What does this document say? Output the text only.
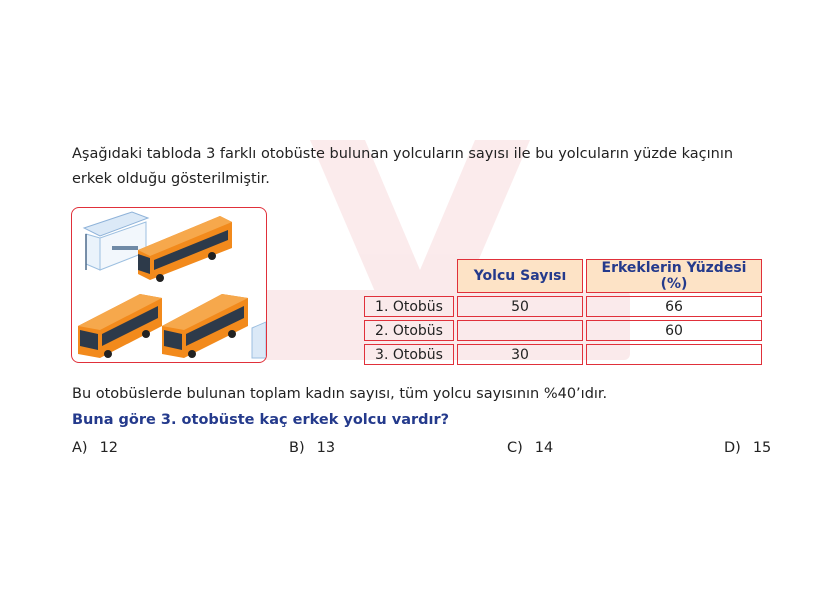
Aşağıdaki tabloda 3 farklı otobüste bulunan yolcuların sayısı ile bu yolcuların yüzde kaçının erkek olduğu gösterilmiştir.
	Yolcu Sayısı	Erkeklerin Yüzdesi (%)
1. Otobüs	50	66
2. Otobüs		60
3. Otobüs	30	
Bu otobüslerde bulunan toplam kadın sayısı, tüm yolcu sayısının %40’ıdır.
Buna göre 3. otobüste kaç erkek yolcu vardır?
A) 12	B) 13	C) 14	D) 15
